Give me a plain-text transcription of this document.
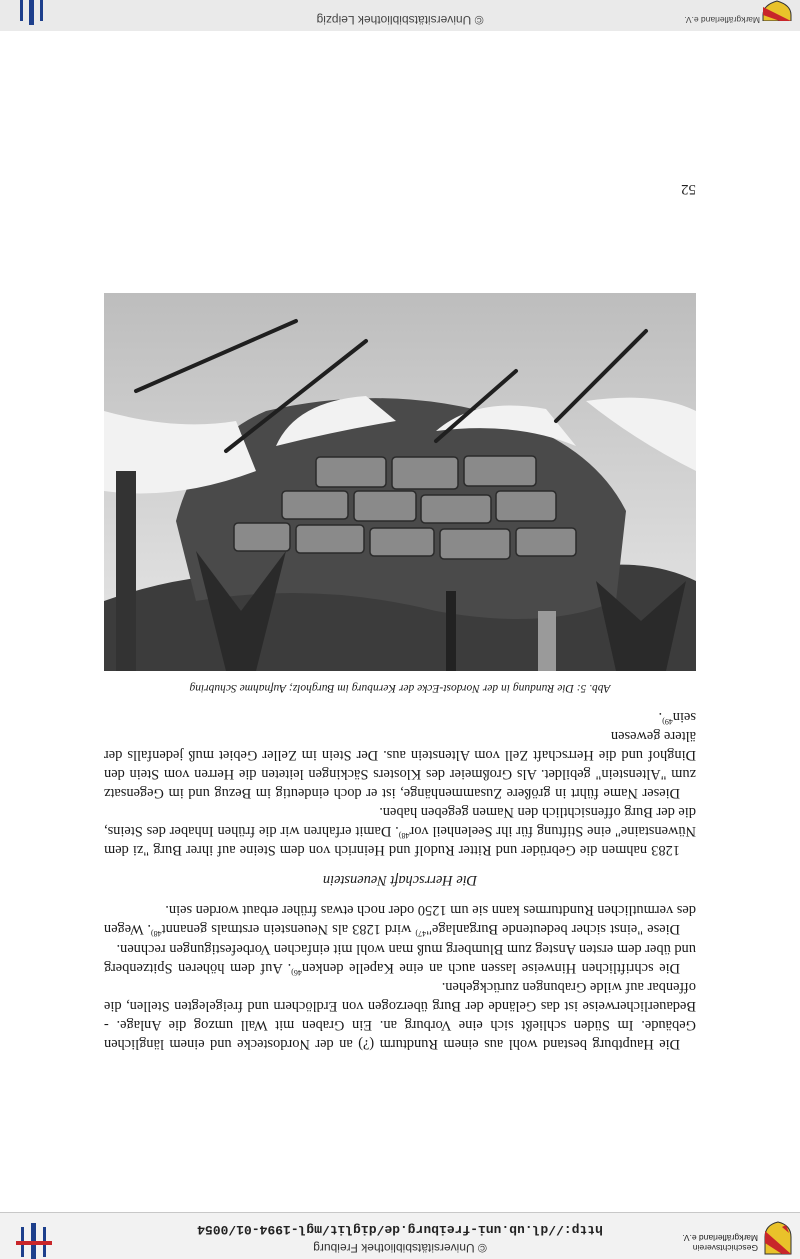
Geschichtsverein
Markgräflerland e.V.
© Universitätsbibliothek Freiburg
http://dl.ub.uni-freiburg.de/diglit/mgl-1994-01/0054

Die Hauptburg bestand wohl aus einem Rundturm (?) an der Nordostecke und einem länglichen Gebäude. Im Süden schließt sich eine Vorburg an. Ein Graben mit Wall umzog die Anlage. - Bedauerlicherweise ist das Gelände der Burg überzogen von Erdlöchern und freigelegten Stellen, die offenbar auf wilde Grabungen zurückgehen.

Die schriftlichen Hinweise lassen auch an eine Kapelle denken$^{46)}$. Auf dem höheren Spitzenberg und über dem ersten Ansteg zum Blumberg muß man wohl mit einfachen Vorbefestigungen rechnen.

Diese "einst sicher bedeutende Burganlage"$^{47)}$ wird 1283 als Neuenstein erstmals genannt$^{48)}$. Wegen des vermutlichen Rundturmes kann sie um 1250 oder noch etwas früher erbaut worden sein.

Die Herrschaft Neuenstein

1283 nahmen die Gebrüder und Ritter Rudolf und Heinrich von dem Steine auf ihrer Burg "zi dem Nüwenstaine" eine Stiftung für ihr Seelenheil vor$^{48)}$. Damit erfahren wir die frühen Inhaber des Steins, die der Burg offensichtlich den Namen gegeben haben.

Dieser Name führt in größere Zusammenhänge, ist er doch eindeutig im Bezug und im Gegensatz zum "Altenstein" gebildet. Als Großmeier des Klosters Säckingen leiteten die Herren vom Stein den Dinghof und die Herrschaft Zell vom Altenstein aus. Der Stein im Zeller Gebiet muß jedenfalls der ältere gewesen

sein$^{49)}$.

Abb. 5: Die Rundung in der Nordost-Ecke der Kernburg im Burgholz; Aufnahme Schubring
52
Markgräflerland e.V.
© Universitätsbibliothek Leipzig
